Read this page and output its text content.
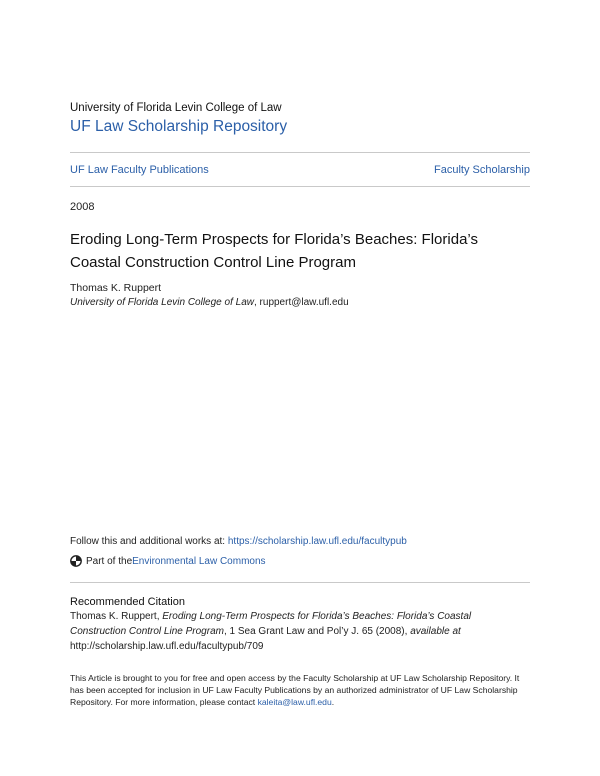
University of Florida Levin College of Law
UF Law Scholarship Repository
UF Law Faculty Publications	Faculty Scholarship
2008
Eroding Long-Term Prospects for Florida’s Beaches: Florida’s Coastal Construction Control Line Program
Thomas K. Ruppert
University of Florida Levin College of Law, ruppert@law.ufl.edu
Follow this and additional works at: https://scholarship.law.ufl.edu/facultypub
Part of the Environmental Law Commons
Recommended Citation
Thomas K. Ruppert, Eroding Long-Term Prospects for Florida’s Beaches: Florida’s Coastal Construction Control Line Program, 1 Sea Grant Law and Pol’y J. 65 (2008), available at http://scholarship.law.ufl.edu/facultypub/709
This Article is brought to you for free and open access by the Faculty Scholarship at UF Law Scholarship Repository. It has been accepted for inclusion in UF Law Faculty Publications by an authorized administrator of UF Law Scholarship Repository. For more information, please contact kaleita@law.ufl.edu.
